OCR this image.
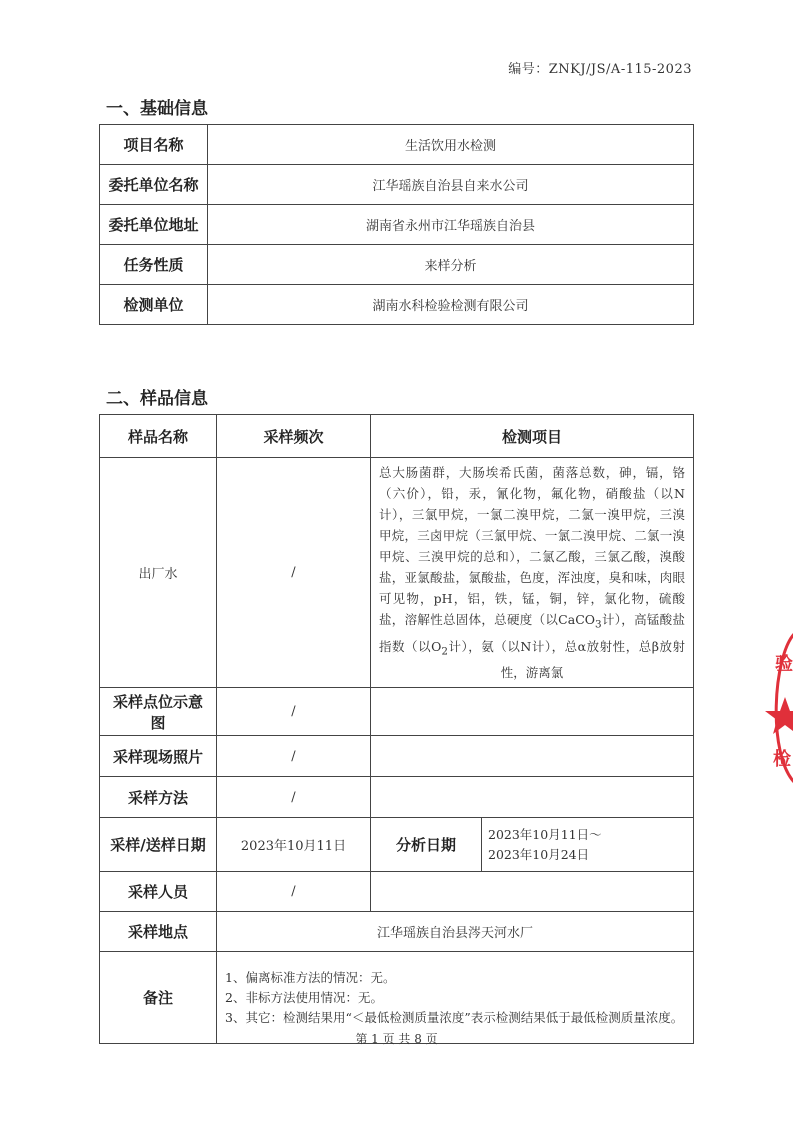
编号：ZNKJ/JS/A-115-2023
一、基础信息
项目名称	生活饮用水检测
委托单位名称	江华瑶族自治县自来水公司
委托单位地址	湖南省永州市江华瑶族自治县
任务性质	来样分析
检测单位	湖南水科检验检测有限公司
二、样品信息
样品名称	采样频次	检测项目	
出厂水	/	总大肠菌群，大肠埃希氏菌，菌落总数，砷，镉，铬（六价），铅，汞，氰化物，氟化物，硝酸盐（以N计），三氯甲烷，一氯二溴甲烷，二氯一溴甲烷，三溴甲烷，三卤甲烷（三氯甲烷、一氯二溴甲烷、二氯一溴甲烷、三溴甲烷的总和），二氯乙酸，三氯乙酸，溴酸盐，亚氯酸盐，氯酸盐，色度，浑浊度，臭和味，肉眼可见物，pH，铝，铁，锰，铜，锌，氯化物，硫酸盐，溶解性总固体，总硬度（以CaCO$_3$计），高锰酸盐指数（以$O_2$计），氨（以N计），总α放射性，总β放射性，游离氯	
采样点位示意图	/		
采样现场照片	/		
采样方法	/		
采样/送样日期	2023年10月11日	分析日期	2023年10月11日～
2023年10月24日

采样人员	/		
采样地点	江华瑶族自治县涔天河水厂		
备注	1、偏离标准方法的情况：无。
2、非标方法使用情况：无。
3、其它：检测结果用“＜最低检测质量浓度”表示检测结果低于最低检测质量浓度。		
验
检
第 1 页 共 8 页
